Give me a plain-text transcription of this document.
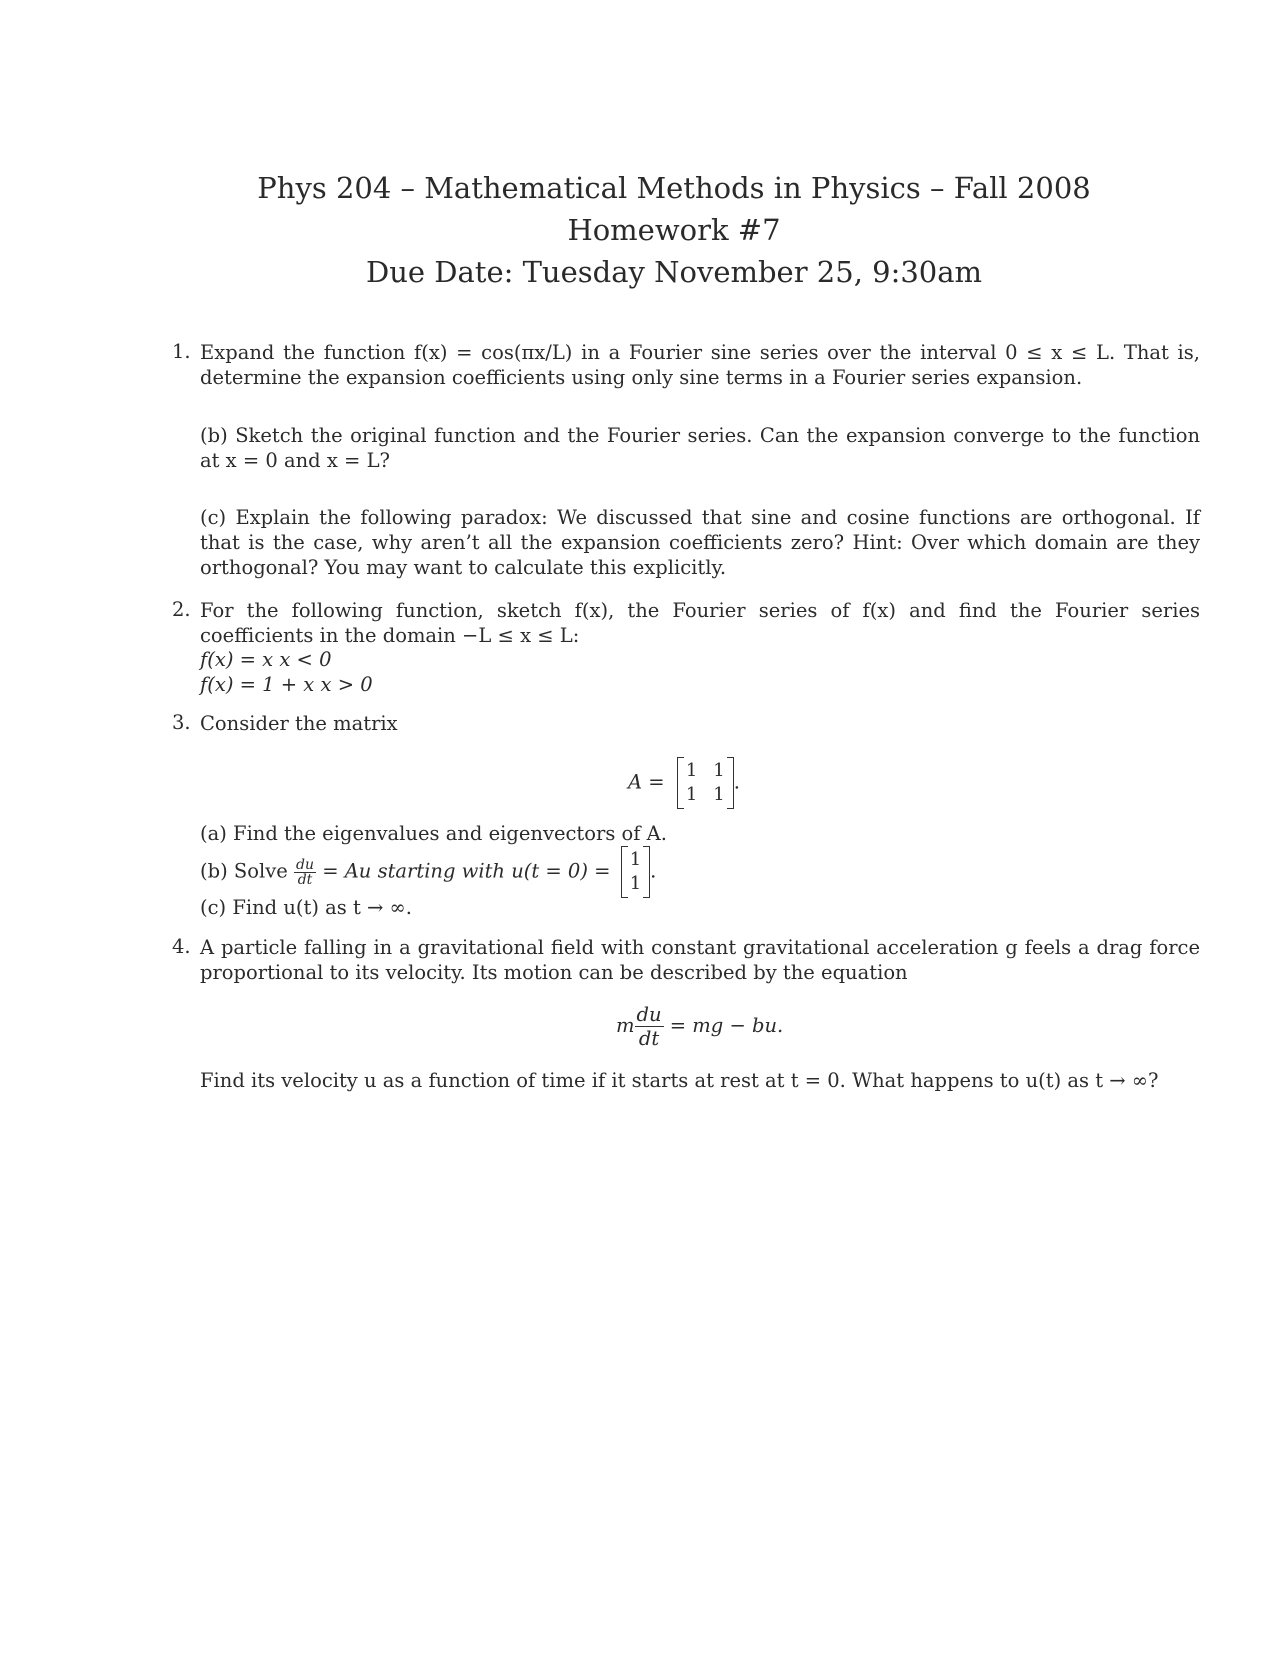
Phys 204 – Mathematical Methods in Physics – Fall 2008
Homework #7
Due Date: Tuesday November 25, 9:30am
1. Expand the function f(x) = cos(πx/L) in a Fourier sine series over the interval 0 ≤ x ≤ L. That is, determine the expansion coefficients using only sine terms in a Fourier series expansion.
(b) Sketch the original function and the Fourier series. Can the expansion converge to the function at x = 0 and x = L?
(c) Explain the following paradox: We discussed that sine and cosine functions are orthogonal. If that is the case, why aren’t all the expansion coefficients zero? Hint: Over which domain are they orthogonal? You may want to calculate this explicitly.
2. For the following function, sketch f(x), the Fourier series of f(x) and find the Fourier series coefficients in the domain −L ≤ x ≤ L:
f(x) = x x < 0
f(x) = 1 + x x > 0
3. Consider the matrix
A = 1 1
1 1
.
(a) Find the eigenvalues and eigenvectors of A.
(b) Solve $\frac{du}{dt} = Au$ starting with u(t = 0) = 1
1
.
(c) Find u(t) as t → ∞.
4. A particle falling in a gravitational field with constant gravitational acceleration g feels a drag force proportional to its velocity. Its motion can be described by the equation
m $\frac{du}{dt}$ = mg − bu.
Find its velocity u as a function of time if it starts at rest at t = 0. What happens to u(t) as t → ∞?
